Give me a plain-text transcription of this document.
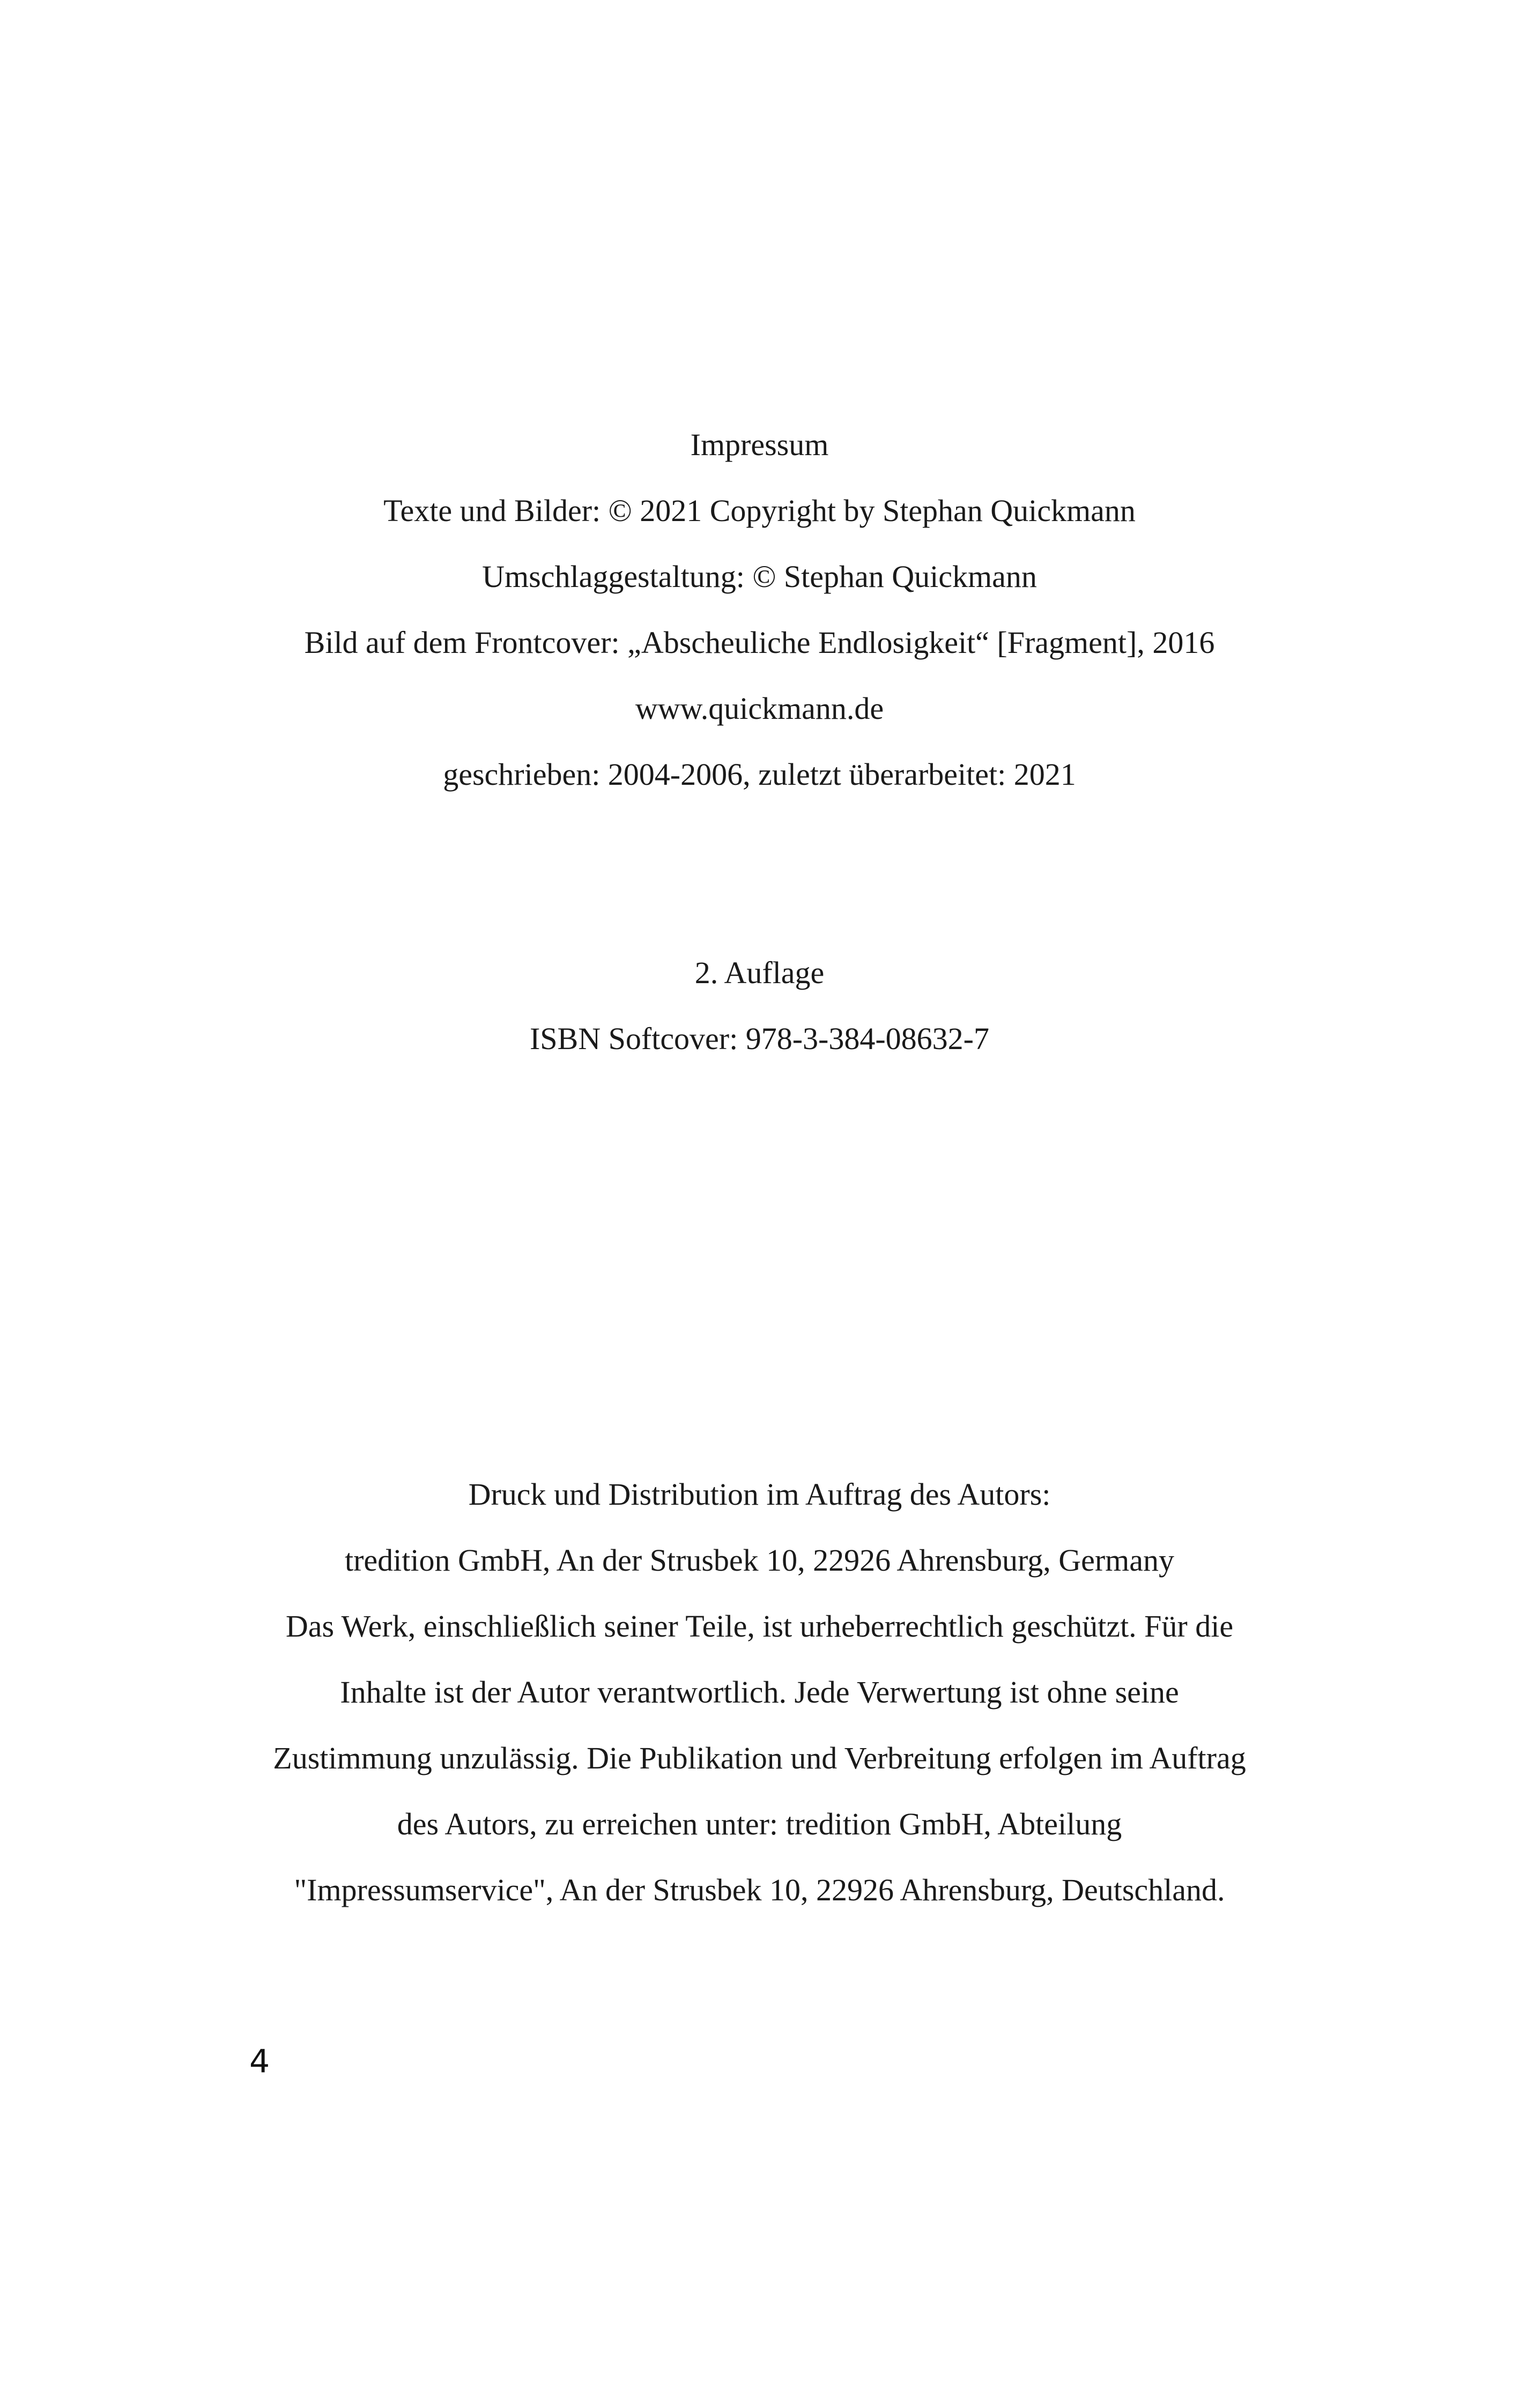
Impressum
Texte und Bilder: © 2021 Copyright by Stephan Quickmann
Umschlaggestaltung: © Stephan Quickmann
Bild auf dem Frontcover: „Abscheuliche Endlosigkeit“ [Fragment], 2016
www.quickmann.de
geschrieben: 2004-2006, zuletzt überarbeitet: 2021
2. Auflage
ISBN Softcover: 978-3-384-08632-7
Druck und Distribution im Auftrag des Autors:
tredition GmbH, An der Strusbek 10, 22926 Ahrensburg, Germany
Das Werk, einschließlich seiner Teile, ist urheberrechtlich geschützt. Für die
Inhalte ist der Autor verantwortlich. Jede Verwertung ist ohne seine
Zustimmung unzulässig. Die Publikation und Verbreitung erfolgen im Auftrag
des Autors, zu erreichen unter: tredition GmbH, Abteilung
"Impressumservice", An der Strusbek 10, 22926 Ahrensburg, Deutschland.
4
